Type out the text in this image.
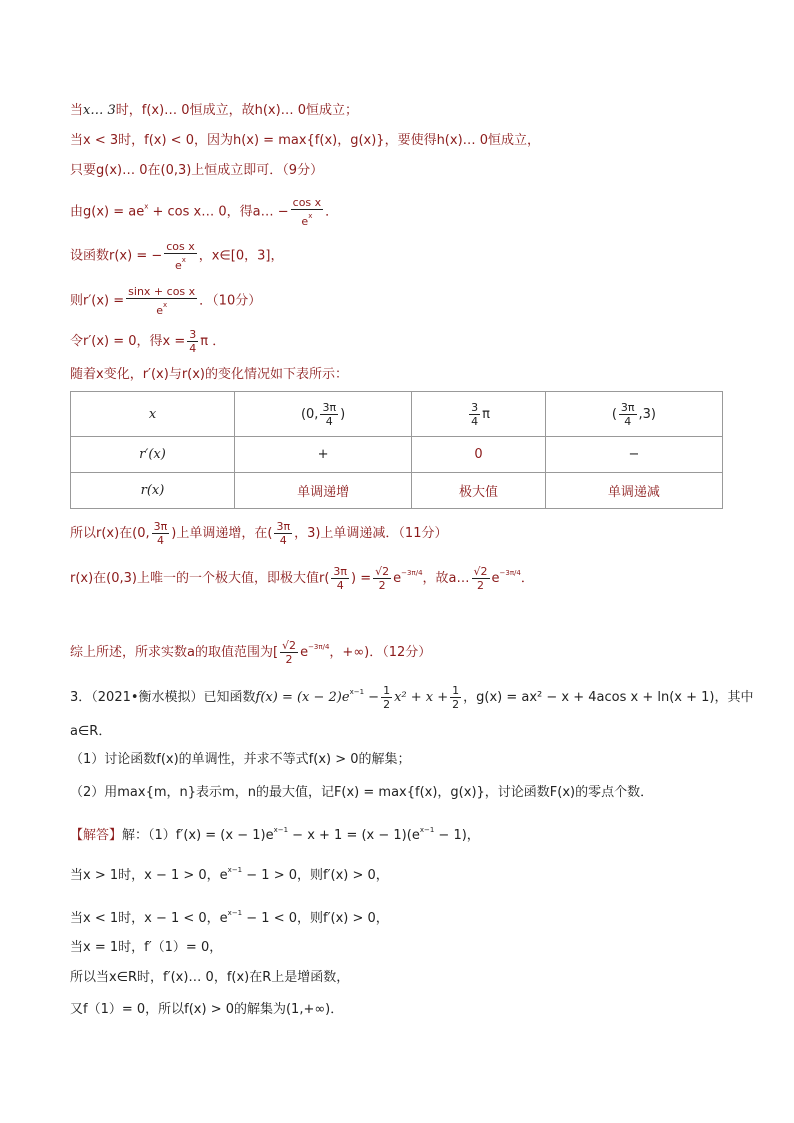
当x… 3时，f(x)… 0恒成立，故h(x)… 0恒成立；
当x < 3时，f(x) < 0，因为h(x) = max{f(x)，g(x)}，要使得h(x)… 0恒成立，
只要g(x)… 0在(0,3)上恒成立即可．（9分）
由$g(x) = ae^x + \cos$ x… 0，得a… − $\frac{\text{cos x}}{e^x}$ ．
设函数r(x) = − $\frac{\text{cos x}}{e^x}$ ，x∈[0，3]，
则$r'(x) = \frac{\text{sinx + cos x}}{e^x}$ ．（10分）
令r′(x) = 0，得$x = \frac{3}{4}$ π ．
随着x变化，r′(x)与r(x)的变化情况如下表所示：
x	(0, $\frac{3\pi}{4}$ )	$\frac{3}{4}$ π	( $\frac{3\pi}{4} ,3$)
r′(x)	+	0	−
r(x)	单调递增	极大值	单调递减
所以r(x)在(0, $\frac{3\pi}{4}$ )上单调递增，在( $\frac{3\pi}{4}$ ，3)上单调递减．（11分）
r(x)在(0,3)上唯一的一个极大值，即极大值$r( \frac{3\pi}{4}$ ) = $\frac{√2}{2} e^{-3\pi/4}$，故a… $\frac{√2}{2} e^{-3\pi/4}$．
综上所述，所求实数a的取值范围为[ $\frac{√2}{2} e^{-3\pi/4}$，+∞)．（12分）
3．（2021•衡水模拟）已知函数$f(x) = (x - 2)e^{x-1} - \frac{1}{2} x^2 + x + \frac{1}{2}$ ，g(x) = ax² − x + 4acos x + ln(x + 1)，其中
a∈R．
（1）讨论函数f(x)的单调性，并求不等式f(x) > 0的解集；
（2）用max{m，n}表示m，n的最大值，记F(x) = max{f(x)，g(x)}，讨论函数F(x)的零点个数．
【解答】解：$(1)f'(x) = (x - 1)e^{x-1} - x + 1 = (x - 1)(e^{x-1} - 1)$，
当x > 1时，x − 1 > 0，$e^{x-1} - 1 > 0$，则f′(x) > 0，
当x < 1时，x − 1 < 0，$e^{x-1} - 1 < 0$，则f′(x) > 0，
当x = 1时，f′（1）= 0，
所以当x∈R时，f′(x)… 0，f(x)在R上是增函数，
又f（1）= 0，所以f(x) > 0的解集为(1,+∞)．
